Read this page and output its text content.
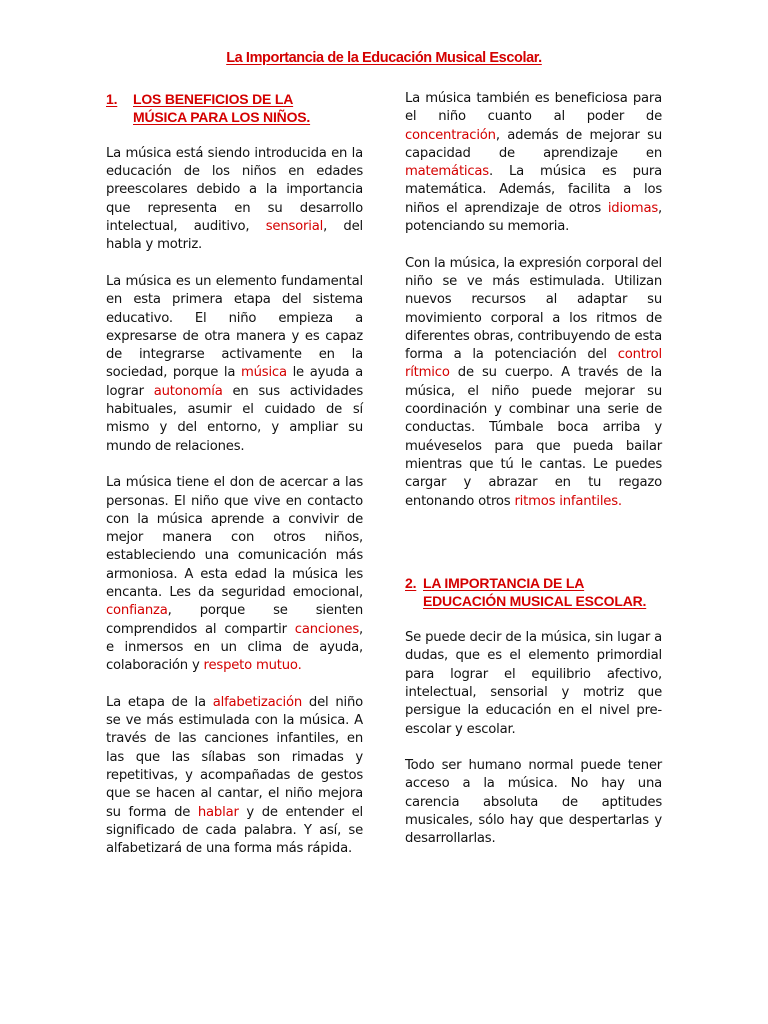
La Importancia de la Educación Musical Escolar.
1.	LOS BENEFICIOS DE LA
MÚSICA PARA LOS NIÑOS.

La música está siendo introducida en la educación de los niños en edades preescolares debido a la importancia que representa en su desarrollo intelectual, auditivo, sensorial, del habla y motriz.

La música es un elemento fundamental en esta primera etapa del sistema educativo. El niño empieza a expresarse de otra manera y es capaz de integrarse activamente en la sociedad, porque la música le ayuda a lograr autonomía en sus actividades habituales, asumir el cuidado de sí mismo y del entorno, y ampliar su mundo de relaciones.

La música tiene el don de acercar a las personas. El niño que vive en contacto con la música aprende a convivir de mejor manera con otros niños, estableciendo una comunicación más armoniosa. A esta edad la música les encanta. Les da seguridad emocional, confianza, porque se sienten comprendidos al compartir canciones, e inmersos en un clima de ayuda, colaboración y respeto mutuo.

La etapa de la alfabetización del niño se ve más estimulada con la música. A través de las canciones infantiles, en las que las sílabas son rimadas y repetitivas, y acompañadas de gestos que se hacen al cantar, el niño mejora su forma de hablar y de entender el significado de cada palabra. Y así, se alfabetizará de una forma más rápida.

La música también es beneficiosa para el niño cuanto al poder de concentración, además de mejorar su capacidad de aprendizaje en matemáticas. La música es pura matemática. Además, facilita a los niños el aprendizaje de otros idiomas, potenciando su memoria.

Con la música, la expresión corporal del niño se ve más estimulada. Utilizan nuevos recursos al adaptar su movimiento corporal a los ritmos de diferentes obras, contribuyendo de esta forma a la potenciación del control rítmico de su cuerpo. A través de la música, el niño puede mejorar su coordinación y combinar una serie de conductas. Túmbale boca arriba y muéveselos para que pueda bailar mientras que tú le cantas. Le puedes cargar y abrazar en tu regazo entonando otros ritmos infantiles.

2. LA IMPORTANCIA DE LA
EDUCACIÓN MUSICAL ESCOLAR.

Se puede decir de la música, sin lugar a dudas, que es el elemento primordial para lograr el equilibrio afectivo, intelectual, sensorial y motriz que persigue la educación en el nivel pre-escolar y escolar.

Todo ser humano normal puede tener acceso a la música. No hay una carencia absoluta de aptitudes musicales, sólo hay que despertarlas y desarrollarlas.
